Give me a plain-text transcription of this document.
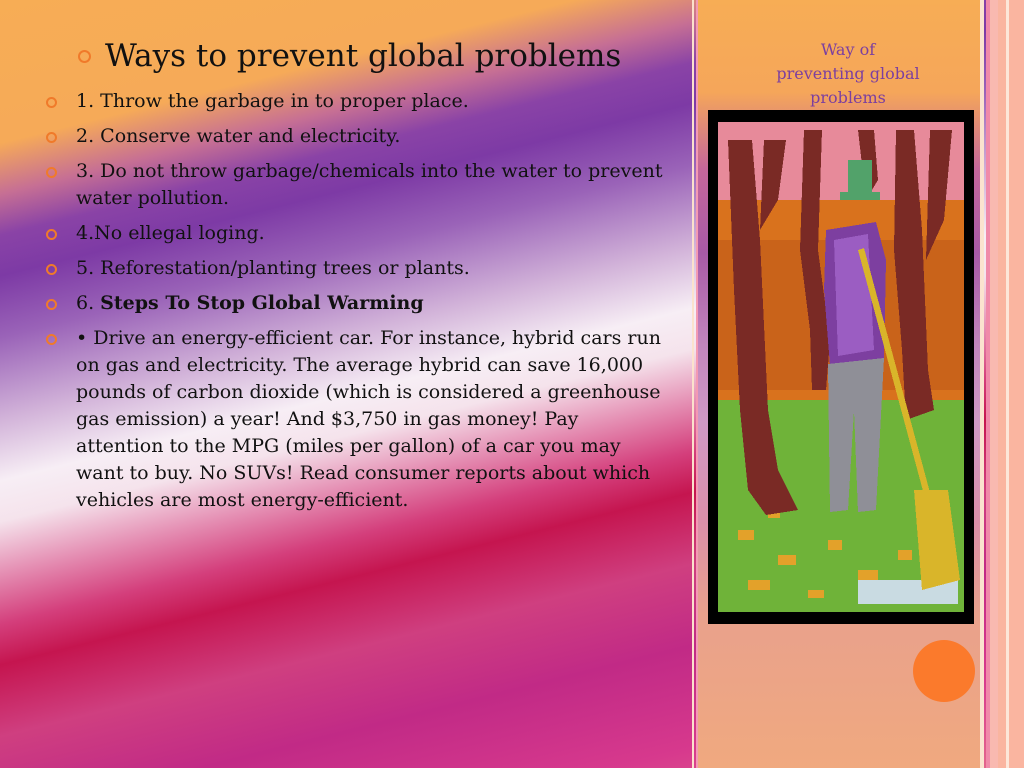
Ways to prevent global problems
1. Throw the garbage in to proper place.
2. Conserve water and electricity.
3. Do not throw garbage/chemicals into the water to prevent water pollution.
4.No ellegal loging.
5. Reforestation/planting trees or plants.
6. Steps To Stop Global Warming
• Drive an energy-efficient car. For instance, hybrid cars run on gas and electricity. The average hybrid can save 16,000 pounds of carbon dioxide (which is considered a greenhouse gas emission) a year! And $3,750 in gas money! Pay attention to the MPG (miles per gallon) of a car you may want to buy. No SUVs! Read consumer reports about which vehicles are most energy-efficient.

Way of
preventing global
problems
